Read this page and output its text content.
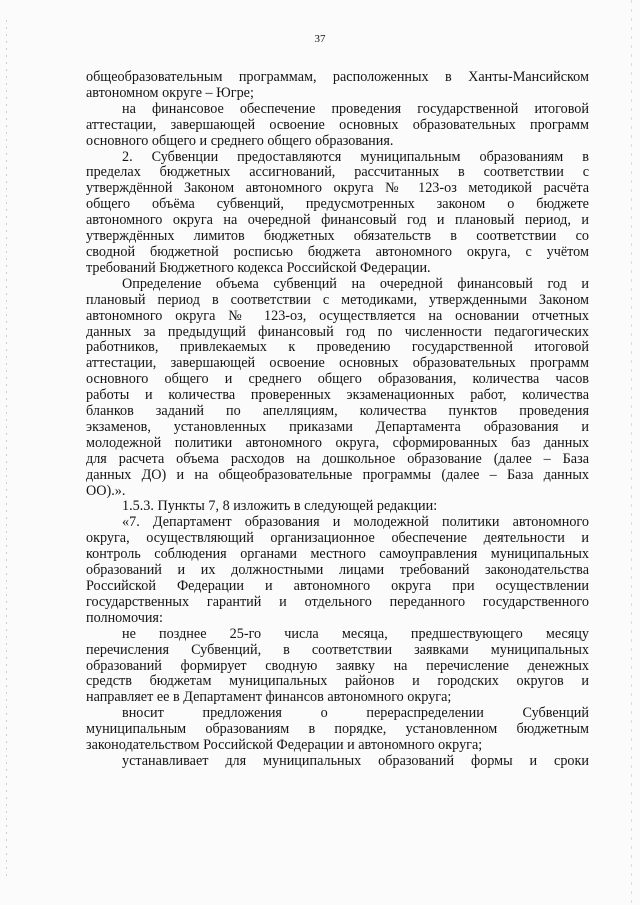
37

общеобразовательным программам, расположенных в Ханты-Мансийском

автономном округе – Югре;

на финансовое обеспечение проведения государственной итоговой

аттестации, завершающей освоение основных образовательных программ

основного общего и среднего общего образования.

2. Субвенции предоставляются муниципальным образованиям в

пределах бюджетных ассигнований, рассчитанных в соответствии с

утверждённой Законом автономного округа № 123-оз методикой расчёта

общего объёма субвенций, предусмотренных законом о бюджете

автономного округа на очередной финансовый год и плановый период, и

утверждённых лимитов бюджетных обязательств в соответствии со

сводной бюджетной росписью бюджета автономного округа, с учётом

требований Бюджетного кодекса Российской Федерации.

Определение объема субвенций на очередной финансовый год и

плановый период в соответствии с методиками, утвержденными Законом

автономного округа № 123-оз, осуществляется на основании отчетных

данных за предыдущий финансовый год по численности педагогических

работников, привлекаемых к проведению государственной итоговой

аттестации, завершающей освоение основных образовательных программ

основного общего и среднего общего образования, количества часов

работы и количества проверенных экзаменационных работ, количества

бланков заданий по апелляциям, количества пунктов проведения

экзаменов, установленных приказами Департамента образования и

молодежной политики автономного округа, сформированных баз данных

для расчета объема расходов на дошкольное образование (далее – База

данных ДО) и на общеобразовательные программы (далее – База данных

ОО).».

1.5.3. Пункты 7, 8 изложить в следующей редакции:

«7. Департамент образования и молодежной политики автономного

округа, осуществляющий организационное обеспечение деятельности и

контроль соблюдения органами местного самоуправления муниципальных

образований и их должностными лицами требований законодательства

Российской Федерации и автономного округа при осуществлении

государственных гарантий и отдельного переданного государственного

полномочия:

не позднее 25-го числа месяца, предшествующего месяцу

перечисления Субвенций, в соответствии заявками муниципальных

образований формирует сводную заявку на перечисление денежных

средств бюджетам муниципальных районов и городских округов и

направляет ее в Департамент финансов автономного округа;

вносит предложения о перераспределении Субвенций

муниципальным образованиям в порядке, установленном бюджетным

законодательством Российской Федерации и автономного округа;

устанавливает для муниципальных образований формы и сроки
